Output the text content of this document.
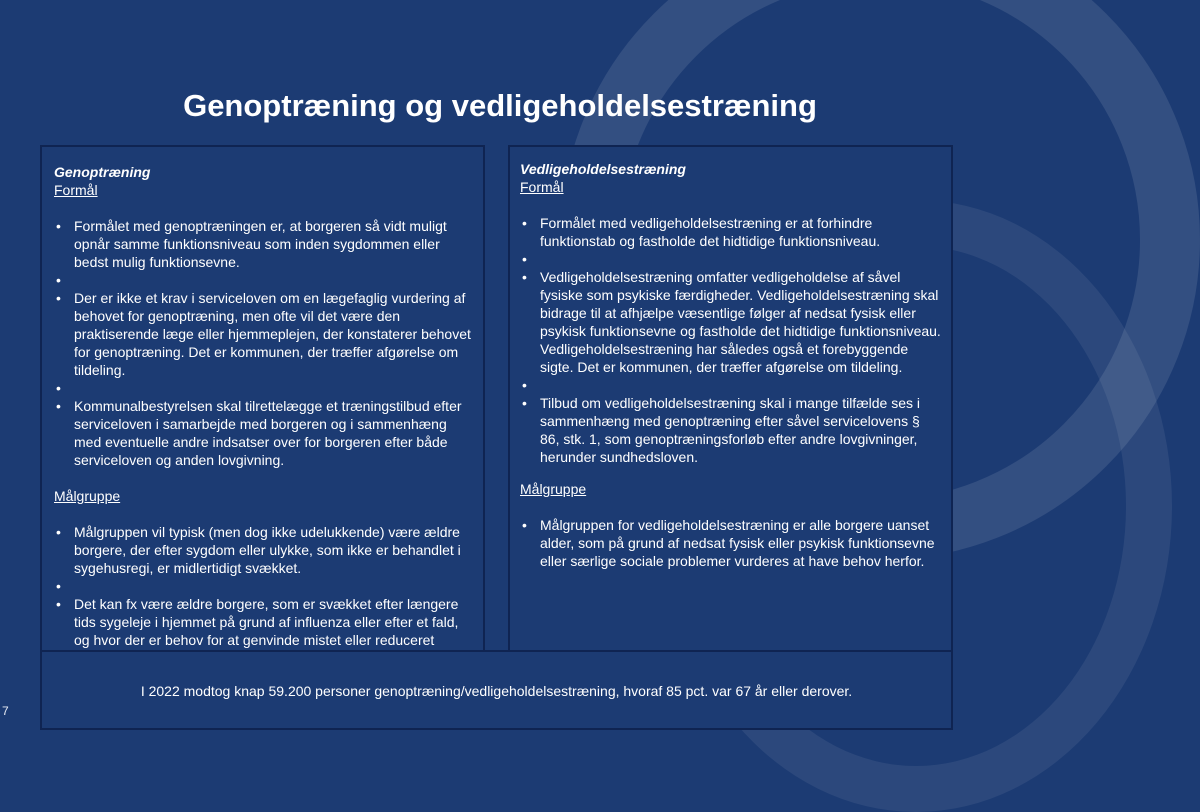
Genoptræning og vedligeholdelsestræning

Genoptræning

Formål

• Formålet med genoptræningen er, at borgeren så vidt muligt opnår samme funktionsniveau som inden sygdommen eller bedst mulig funktionsevne.
•
• Der er ikke et krav i serviceloven om en lægefaglig vurdering af behovet for genoptræning, men ofte vil det være den praktiserende læge eller hjemmeplejen, der konstaterer behovet for genoptræning. Det er kommunen, der træffer afgørelse om tildeling.
•
• Kommunalbestyrelsen skal tilrettelægge et træningstilbud efter serviceloven i samarbejde med borgeren og i sammenhæng med eventuelle andre indsatser over for borgeren efter både serviceloven og anden lovgivning.

Målgruppe

• Målgruppen vil typisk (men dog ikke udelukkende) være ældre borgere, der efter sygdom eller ulykke, som ikke er behandlet i sygehusregi, er midlertidigt svækket.
•
• Det kan fx være ældre borgere, som er svækket efter længere tids sygeleje i hjemmet på grund af influenza eller efter et fald, og hvor der er behov for at genvinde mistet eller reduceret

Vedligeholdelsestræning

Formål

• Formålet med vedligeholdelsestræning er at forhindre funktionstab og fastholde det hidtidige funktionsniveau.
•
• Vedligeholdelsestræning omfatter vedligeholdelse af såvel fysiske som psykiske færdigheder. Vedligeholdelsestræning skal bidrage til at afhjælpe væsentlige følger af nedsat fysisk eller psykisk funktionsevne og fastholde det hidtidige funktionsniveau. Vedligeholdelsestræning har således også et forebyggende sigte. Det er kommunen, der træffer afgørelse om tildeling.
•
• Tilbud om vedligeholdelsestræning skal i mange tilfælde ses i sammenhæng med genoptræning efter såvel servicelovens § 86, stk. 1, som genoptræningsforløb efter andre lovgivninger, herunder sundhedsloven.

Målgruppe

• Målgruppen for vedligeholdelsestræning er alle borgere uanset alder, som på grund af nedsat fysisk eller psykisk funktionsevne eller særlige sociale problemer vurderes at have behov herfor.
I 2022 modtog knap 59.200 personer genoptræning/vedligeholdelsestræning, hvoraf 85 pct. var 67 år eller derover.
7
